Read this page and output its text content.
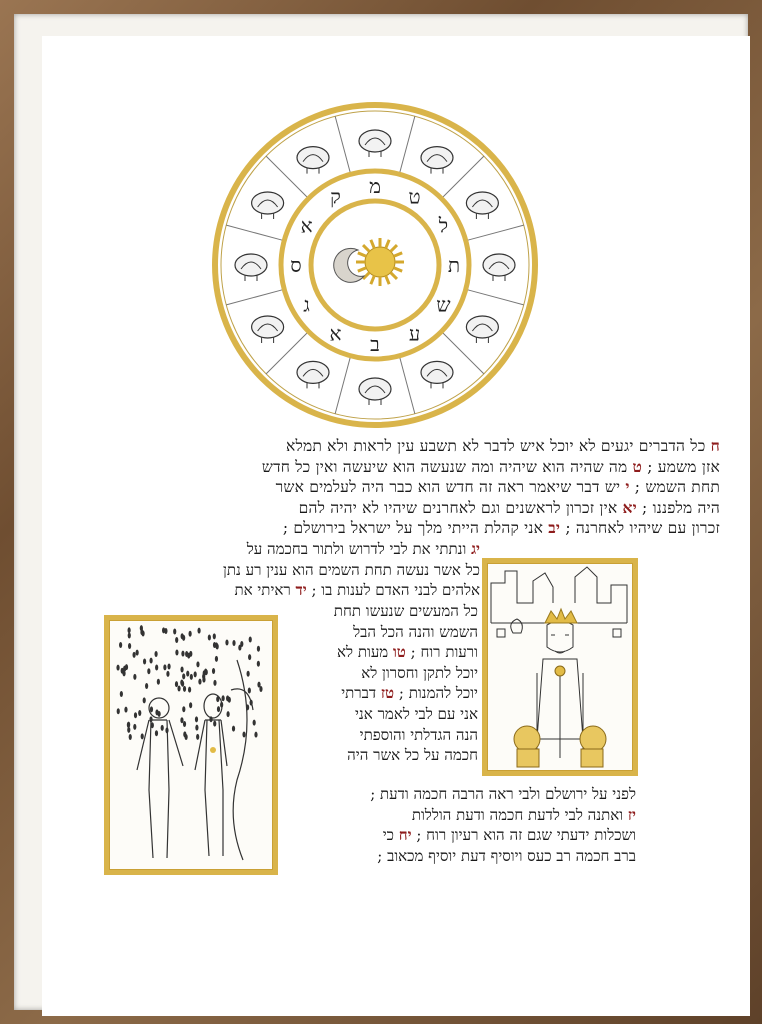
ט
ל
ת
ש
ע
ב
א
ג
ס
א
ק מ
ח כל הדברים יגעים לא יוכל איש לדבר לא תשבע עין לראות ולא תמלא
אזן משמע ; ט מה שהיה הוא שיהיה ומה שנעשה הוא שיעשה ואין כל חדש
תחת השמש ; י יש דבר שיאמר ראה זה חדש הוא כבר היה לעלמים אשר
היה מלפננו ; יא אין זכרון לראשנים וגם לאחרנים שיהיו לא יהיה להם
זכרון עם שיהיו לאחרנה ; יב אני קהלת הייתי מלך על ישראל בירושלם ;
יג ונתתי את לבי לדרוש ולתור בחכמה על
כל אשר נעשה תחת השמים הוא ענין רע נתן
אלהים לבני האדם לענות בו ; יד ראיתי את
כל המעשים שנעשו תחת
השמש והנה הכל הבל
ורעות רוח ; טו מעות לא
יוכל לתקן וחסרון לא
יוכל להמנות ; טז דברתי
אני עם לבי לאמר אני
הנה הגדלתי והוספתי
חכמה על כל אשר היה
לפני על ירושלם ולבי ראה הרבה חכמה ודעת ;
יז ואתנה לבי לדעת חכמה ודעת הוללות
ושכלות ידעתי שגם זה הוא רעיון רוח ; יח כי
ברב חכמה רב כעס ויוסיף דעת יוסיף מכאוב ;
